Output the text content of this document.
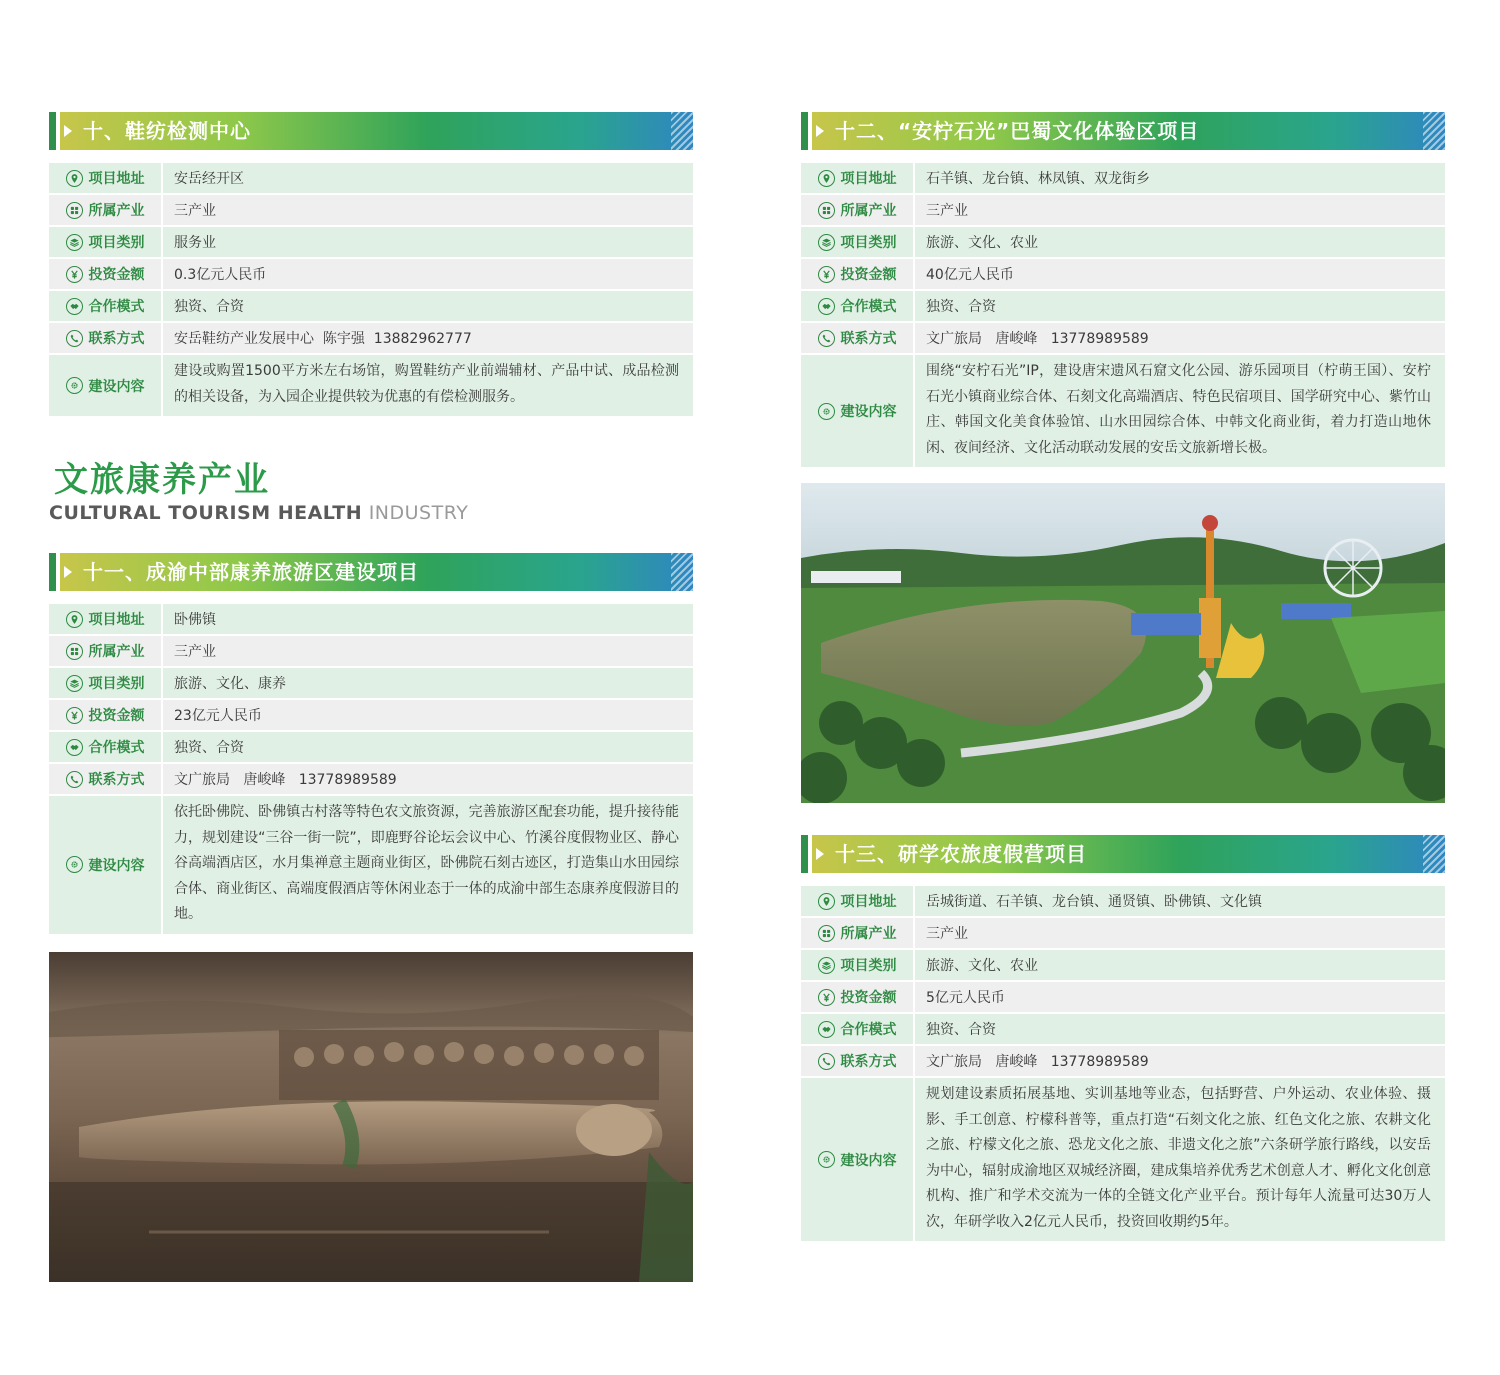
十、鞋纺检测中心
项目地址	安岳经开区

所属产业	三产业

项目类别	服务业

投资金额	0.3亿元人民币

合作模式	独资、合资

联系方式	安岳鞋纺产业发展中心  陈宇强  13882962777

建设内容	建设或购置1500平方米左右场馆，购置鞋纺产业前端辅材、产品中试、成品检测的相关设备，为入园企业提供较为优惠的有偿检测服务。
文旅康养产业
CULTURAL TOURISM HEALTH INDUSTRY
十一、成渝中部康养旅游区建设项目
项目地址	卧佛镇

所属产业	三产业

项目类别	旅游、文化、康养

投资金额	23亿元人民币

合作模式	独资、合资

联系方式	文广旅局   唐峻峰   13778989589

建设内容	依托卧佛院、卧佛镇古村落等特色农文旅资源，完善旅游区配套功能，提升接待能力，规划建设“三谷一街一院”，即鹿野谷论坛会议中心、竹溪谷度假物业区、静心谷高端酒店区，水月集禅意主题商业街区，卧佛院石刻古迹区，打造集山水田园综合体、商业街区、高端度假酒店等休闲业态于一体的成渝中部生态康养度假游目的地。
十二、“安柠石光”巴蜀文化体验区项目
项目地址	石羊镇、龙台镇、林凤镇、双龙街乡

所属产业	三产业

项目类别	旅游、文化、农业

投资金额	40亿元人民币

合作模式	独资、合资

联系方式	文广旅局   唐峻峰   13778989589

建设内容	围绕“安柠石光”IP，建设唐宋遗风石窟文化公园、游乐园项目（柠萌王国）、安柠石光小镇商业综合体、石刻文化高端酒店、特色民宿项目、国学研究中心、紫竹山庄、韩国文化美食体验馆、山水田园综合体、中韩文化商业街，着力打造山地休闲、夜间经济、文化活动联动发展的安岳文旅新增长极。
十三、研学农旅度假营项目
项目地址	岳城街道、石羊镇、龙台镇、通贤镇、卧佛镇、文化镇

所属产业	三产业

项目类别	旅游、文化、农业

投资金额	5亿元人民币

合作模式	独资、合资

联系方式	文广旅局   唐峻峰   13778989589

建设内容	规划建设素质拓展基地、实训基地等业态，包括野营、户外运动、农业体验、摄影、手工创意、柠檬科普等，重点打造“石刻文化之旅、红色文化之旅、农耕文化之旅、柠檬文化之旅、恐龙文化之旅、非遗文化之旅”六条研学旅行路线，以安岳为中心，辐射成渝地区双城经济圈，建成集培养优秀艺术创意人才、孵化文化创意机构、推广和学术交流为一体的全链文化产业平台。预计每年人流量可达30万人次，年研学收入2亿元人民币，投资回收期约5年。
